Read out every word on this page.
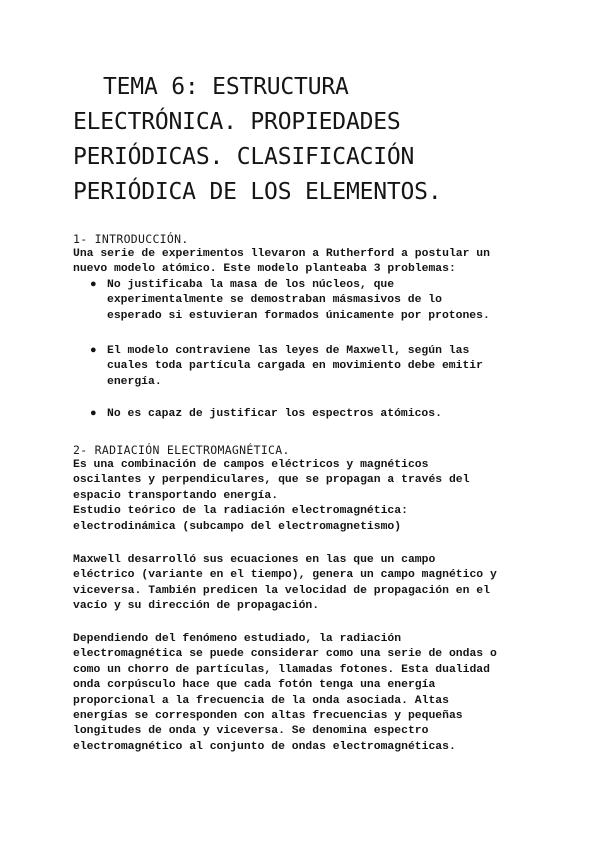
TEMA 6: ESTRUCTURA
ELECTRÓNICA. PROPIEDADES
PERIÓDICAS. CLASIFICACIÓN
PERIÓDICA DE LOS ELEMENTOS.
1- INTRODUCCIÓN.

Una serie de experimentos llevaron a Rutherford a postular un
nuevo modelo atómico. Este modelo planteaba 3 problemas:

● No justificaba la masa de los núcleos, que
experimentalmente se demostraban másmasivos de lo
esperado si estuvieran formados únicamente por protones.
● El modelo contraviene las leyes de Maxwell, según las
cuales toda partícula cargada en movimiento debe emitir
energía.
● No es capaz de justificar los espectros atómicos.
2- RADIACIÓN ELECTROMAGNÉTICA.

Es una combinación de campos eléctricos y magnéticos
oscilantes y perpendiculares, que se propagan a través del
espacio transportando energía.
Estudio teórico de la radiación electromagnética:
electrodinámica (subcampo del electromagnetismo)

Maxwell desarrolló sus ecuaciones en las que un campo
eléctrico (variante en el tiempo), genera un campo magnético y
viceversa. También predicen la velocidad de propagación en el
vacío y su dirección de propagación.

Dependiendo del fenómeno estudiado, la radiación
electromagnética se puede considerar como una serie de ondas o
como un chorro de partículas, llamadas fotones. Esta dualidad
onda corpúsculo hace que cada fotón tenga una energía
proporcional a la frecuencia de la onda asociada. Altas
energías se corresponden con altas frecuencias y pequeñas
longitudes de onda y viceversa. Se denomina espectro
electromagnético al conjunto de ondas electromagnéticas.
